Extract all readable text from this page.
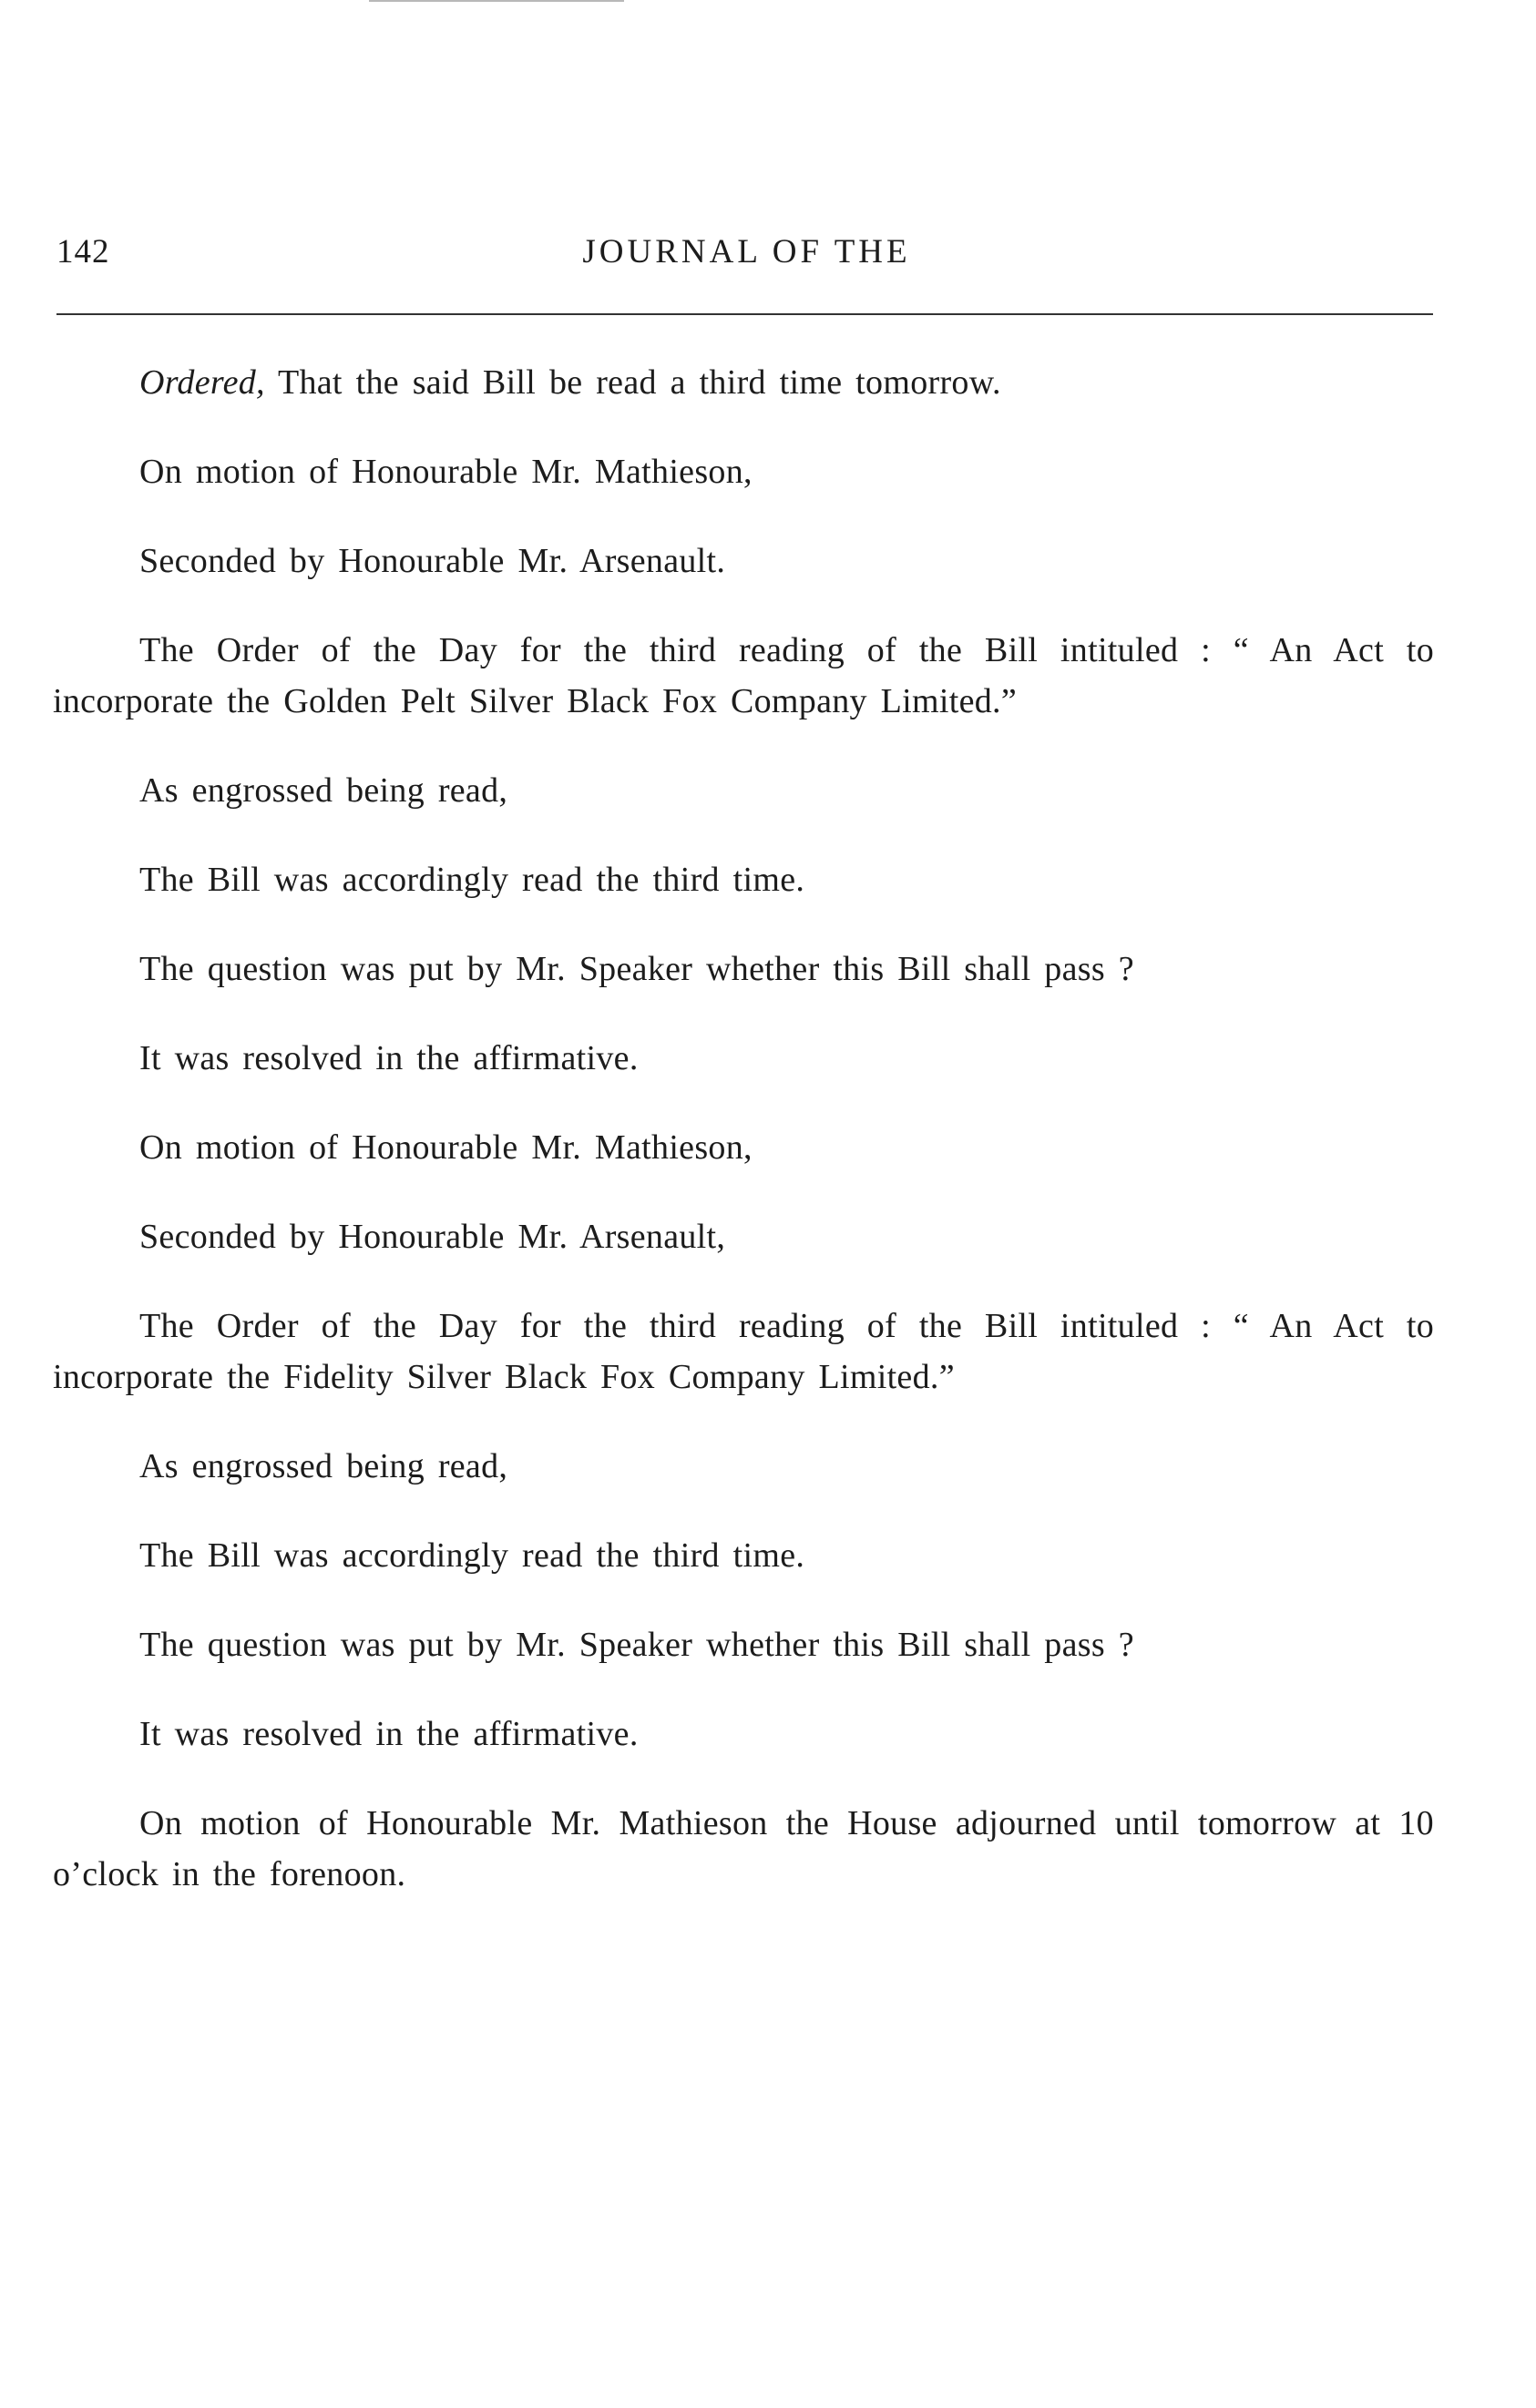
142	JOURNAL OF THE

Ordered, That the said Bill be read a third time tomorrow.

On motion of Honourable Mr. Mathieson,

Seconded by Honourable Mr. Arsenault.

The Order of the Day for the third reading of the Bill intituled : “ An Act to incorporate the Golden Pelt Silver Black Fox Company Limited.”

As engrossed being read,

The Bill was accordingly read the third time.

The question was put by Mr. Speaker whether this Bill shall pass ?

It was resolved in the affirmative.

On motion of Honourable Mr. Mathieson,

Seconded by Honourable Mr. Arsenault,

The Order of the Day for the third reading of the Bill intituled : “ An Act to incorporate the Fidelity Silver Black Fox Company Limited.”

As engrossed being read,

The Bill was accordingly read the third time.

The question was put by Mr. Speaker whether this Bill shall pass ?

It was resolved in the affirmative.

On motion of Honourable Mr. Mathieson the House adjourned until tomorrow at 10 o’clock in the forenoon.
